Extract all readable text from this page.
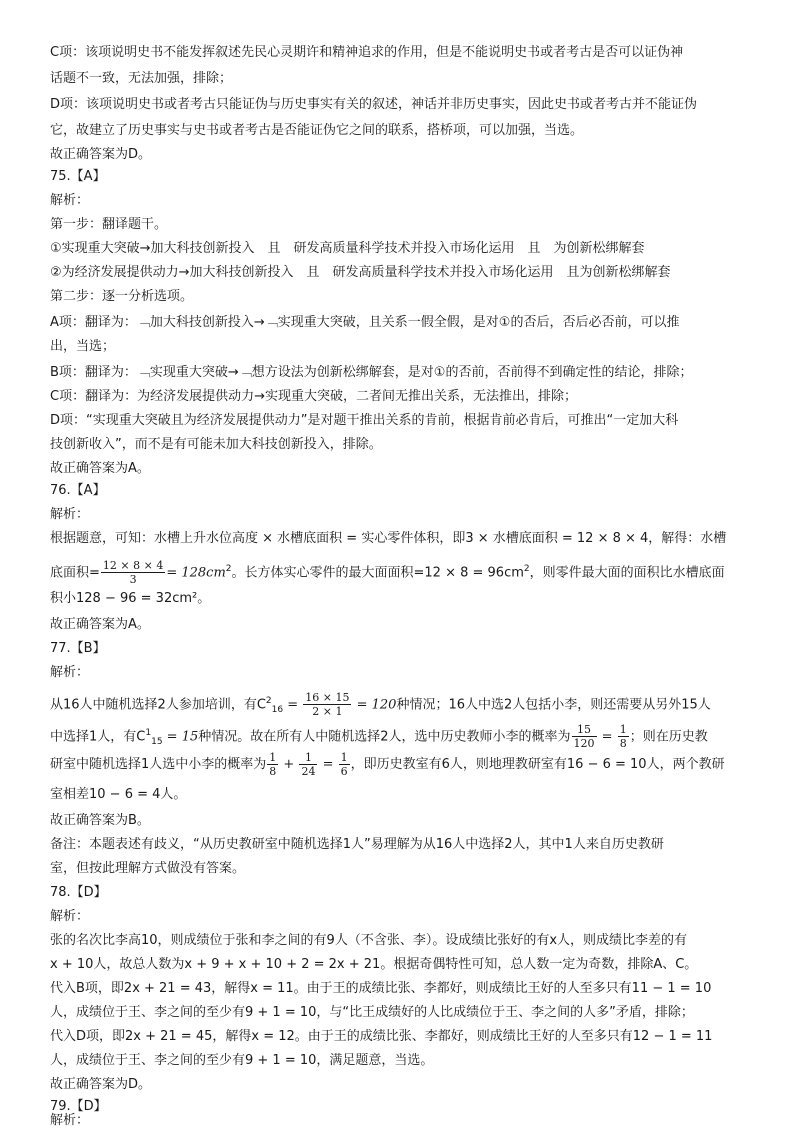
C项：该项说明史书不能发挥叙述先民心灵期许和精神追求的作用，但是不能说明史书或者考古是否可以证伪神
话题不一致，无法加强，排除；
D项：该项说明史书或者考古只能证伪与历史事实有关的叙述，神话并非历史事实，因此史书或者考古并不能证伪
它，故建立了历史事实与史书或者考古是否能证伪它之间的联系，搭桥项，可以加强，当选。
故正确答案为D。
75.【A】
解析：
第一步：翻译题干。
①实现重大突破→加大科技创新投入　且　研发高质量科学技术并投入市场化运用　且　为创新松绑解套
②为经济发展提供动力→加大科技创新投入　且　研发高质量科学技术并投入市场化运用　且为创新松绑解套
第二步：逐一分析选项。
A项：翻译为：﹁加大科技创新投入→﹁实现重大突破，且关系一假全假，是对①的否后，否后必否前，可以推
出，当选；
B项：翻译为：﹁实现重大突破→﹁想方设法为创新松绑解套，是对①的否前，否前得不到确定性的结论，排除；
C项：翻译为：为经济发展提供动力→实现重大突破，二者间无推出关系，无法推出，排除；
D项：“实现重大突破且为经济发展提供动力”是对题干推出关系的肯前，根据肯前必肯后，可推出“一定加大科
技创新收入”，而不是有可能未加大科技创新投入，排除。
故正确答案为A。
76.【A】
解析：
根据题意，可知：水槽上升水位高度 × 水槽底面积 = 实心零件体积，即3 × 水槽底面积 = 12 × 8 × 4，解得：水槽
底面积= $\frac{12 \times 8 \times 4}{3} = 128cm^2$。长方体实心零件的最大面面积$=12 \times 8 = 96cm^2$，则零件最大面的面积比水槽底面
积小128 − 96 = 32cm²。
故正确答案为A。
77.【B】
解析：
从16人中随机选择2人参加培训，有$C^2_{16} = \frac{16 \times 15}{2 \times 1} = 120$种情况；16人中选2人包括小李，则还需要从另外15人
中选择1人，有$C^1_{15} = 15$种情况。故在所有人中随机选择2人，选中历史教师小李的概率为 $\frac{15}{120} = \frac{1}{8}$ ；则在历史教
研室中随机选择1人选中小李的概率为 $\frac{1}{8} + \frac{1}{24} = \frac{1}{6}$ ，即历史教室有6人，则地理教研室有16 − 6 = 10人，两个教研
室相差10 − 6 = 4人。
故正确答案为B。
备注：本题表述有歧义，“从历史教研室中随机选择1人”易理解为从16人中选择2人，其中1人来自历史教研
室，但按此理解方式做没有答案。
78.【D】
解析：
张的名次比李高10，则成绩位于张和李之间的有9人（不含张、李）。设成绩比张好的有x人，则成绩比李差的有
x + 10人，故总人数为x + 9 + x + 10 + 2 = 2x + 21。根据奇偶特性可知，总人数一定为奇数，排除A、C。
代入B项，即2x + 21 = 43，解得x = 11。由于王的成绩比张、李都好，则成绩比王好的人至多只有11 − 1 = 10
人，成绩位于王、李之间的至少有9 + 1 = 10，与“比王成绩好的人比成绩位于王、李之间的人多”矛盾，排除；
代入D项，即2x + 21 = 45，解得x = 12。由于王的成绩比张、李都好，则成绩比王好的人至多只有12 − 1 = 11
人，成绩位于王、李之间的至少有9 + 1 = 10，满足题意，当选。
故正确答案为D。
79.【D】
解析：
